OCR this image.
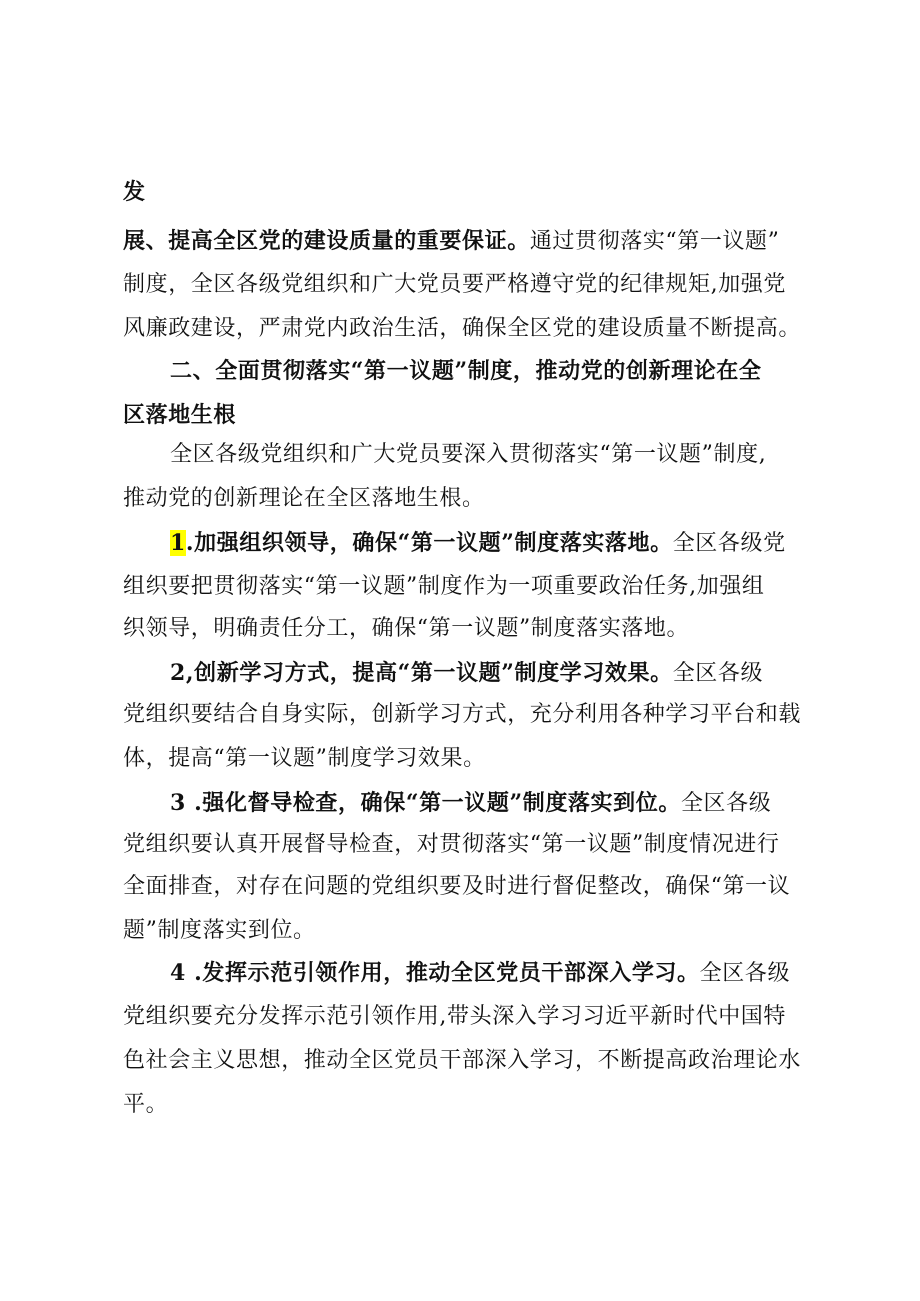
发
展、提高全区党的建设质量的重要保证。通过贯彻落实“第一议题”
制度，全区各级党组织和广大党员要严格遵守党的纪律规矩,加强党
风廉政建设，严肃党内政治生活，确保全区党的建设质量不断提高。
二、全面贯彻落实“第一议题”制度，推动党的创新理论在全
区落地生根
全区各级党组织和广大党员要深入贯彻落实“第一议题”制度,
推动党的创新理论在全区落地生根。
1.加强组织领导，确保“第一议题”制度落实落地。全区各级党
组织要把贯彻落实“第一议题”制度作为一项重要政治任务,加强组
织领导，明确责任分工，确保“第一议题”制度落实落地。
2,创新学习方式，提高“第一议题”制度学习效果。全区各级
党组织要结合自身实际，创新学习方式，充分利用各种学习平台和载
体，提高“第一议题”制度学习效果。
3 .强化督导检查，确保“第一议题”制度落实到位。全区各级
党组织要认真开展督导检查，对贯彻落实“第一议题”制度情况进行
全面排查，对存在问题的党组织要及时进行督促整改，确保“第一议
题”制度落实到位。
4 .发挥示范引领作用，推动全区党员干部深入学习。全区各级
党组织要充分发挥示范引领作用,带头深入学习习近平新时代中国特
色社会主义思想，推动全区党员干部深入学习，不断提高政治理论水
平。
